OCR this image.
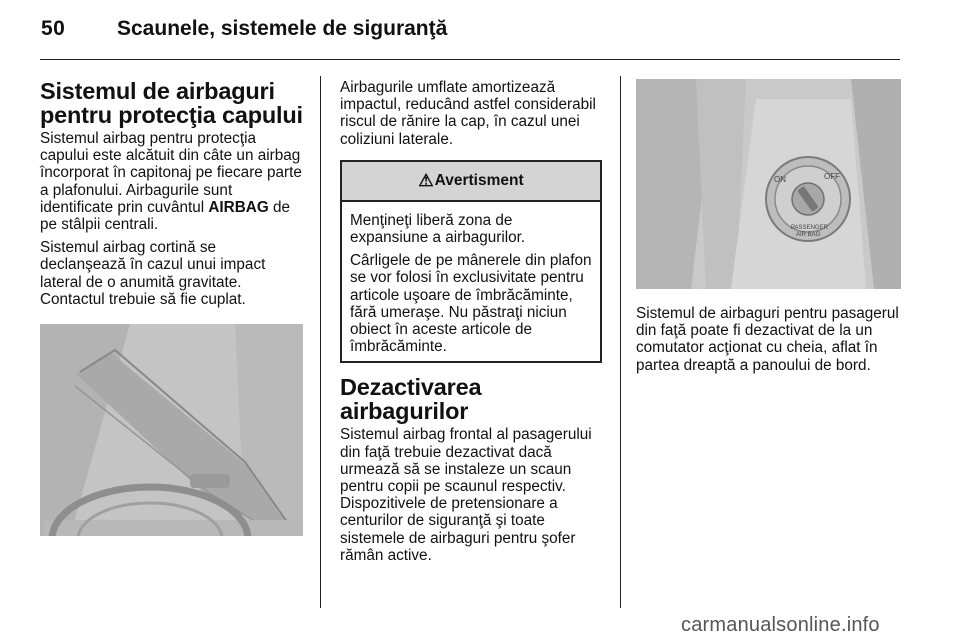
50 Scaunele, sistemele de siguranţă
Sistemul de airbaguri
pentru protecţia capului

Sistemul airbag pentru protecţia capului este alcătuit din câte un airbag încorporat în capitonaj pe fiecare parte a plafonului. Airbagurile sunt identificate prin cuvântul AIRBAG de pe stâlpii centrali.

Sistemul airbag cortină se declanşează în cazul unui impact lateral de o anumită gravitate. Contactul trebuie să fie cuplat.

Airbagurile umflate amortizează impactul, reducând astfel considerabil riscul de rănire la cap, în cazul unei coliziuni laterale.

⚠ Avertisment

Menţineţi liberă zona de expansiune a airbagurilor.

Cârligele de pe mânerele din plafon se vor folosi în exclusivitate pentru articole uşoare de îmbrăcăminte, fără umeraşe. Nu păstraţi niciun obiect în aceste articole de îmbrăcăminte.

Dezactivarea airbagurilor

Sistemul airbag frontal al pasagerului din faţă trebuie dezactivat dacă urmează să se instaleze un scaun pentru copii pe scaunul respectiv. Dispozitivele de pretensionare a centurilor de siguranţă şi toate sistemele de airbaguri pentru şofer rămân active.

ON	OFF
PASSENGER
AIR BAG

Sistemul de airbaguri pentru pasagerul din faţă poate fi dezactivat de la un comutator acţionat cu cheia, aflat în partea dreaptă a panoului de bord.

carmanualsonline.info
